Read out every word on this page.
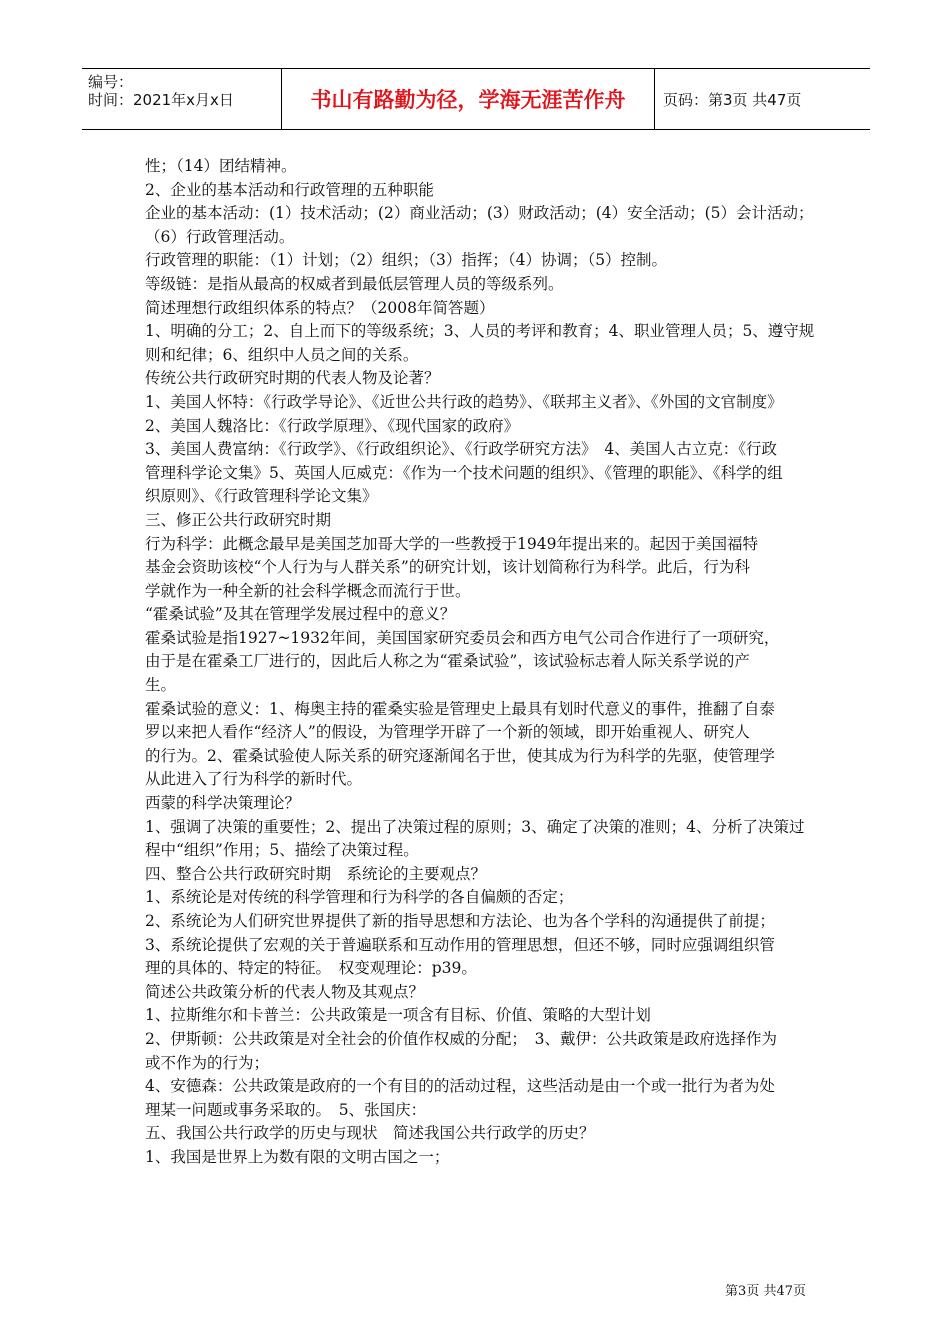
编号：
时间：2021年x月x日	书山有路勤为径，学海无涯苦作舟	页码：第3页 共47页
性；（14）团结精神。
2、企业的基本活动和行政管理的五种职能
企业的基本活动：(1）技术活动；(2）商业活动；(3）财政活动；(4）安全活动；(5）会计活动；
（6）行政管理活动。
行政管理的职能：（1）计划；（2）组织；（3）指挥；（4）协调；（5）控制。
等级链：是指从最高的权威者到最低层管理人员的等级系列。
简述理想行政组织体系的特点？（2008年简答题）
1、明确的分工；2、自上而下的等级系统；3、人员的考评和教育；4、职业管理人员；5、遵守规
则和纪律；6、组织中人员之间的关系。
传统公共行政研究时期的代表人物及论著？
1、美国人怀特：《行政学导论》、《近世公共行政的趋势》、《联邦主义者》、《外国的文官制度》
2、美国人魏洛比：《行政学原理》、《现代国家的政府》
3、美国人费富纳：《行政学》、《行政组织论》、《行政学研究方法》　4、美国人古立克：《行政
管理科学论文集》5、英国人厄威克：《作为一个技术问题的组织》、《管理的职能》、《科学的组
织原则》、《行政管理科学论文集》
三、修正公共行政研究时期
行为科学：此概念最早是美国芝加哥大学的一些教授于1949年提出来的。起因于美国福特
基金会资助该校“个人行为与人群关系”的研究计划，该计划简称行为科学。此后，行为科
学就作为一种全新的社会科学概念而流行于世。
“霍桑试验”及其在管理学发展过程中的意义？
霍桑试验是指1927~1932年间，美国国家研究委员会和西方电气公司合作进行了一项研究，
由于是在霍桑工厂进行的，因此后人称之为“霍桑试验”，该试验标志着人际关系学说的产
生。
霍桑试验的意义：1、梅奥主持的霍桑实验是管理史上最具有划时代意义的事件，推翻了自泰
罗以来把人看作“经济人”的假设，为管理学开辟了一个新的领域，即开始重视人、研究人
的行为。2、霍桑试验使人际关系的研究逐渐闻名于世，使其成为行为科学的先驱，使管理学
从此进入了行为科学的新时代。
西蒙的科学决策理论？
1、强调了决策的重要性；2、提出了决策过程的原则；3、确定了决策的准则；4、分析了决策过
程中“组织”作用；5、描绘了决策过程。
四、整合公共行政研究时期　系统论的主要观点？
1、系统论是对传统的科学管理和行为科学的各自偏颇的否定；
2、系统论为人们研究世界提供了新的指导思想和方法论、也为各个学科的沟通提供了前提；
3、系统论提供了宏观的关于普遍联系和互动作用的管理思想，但还不够，同时应强调组织管
理的具体的、特定的特征。　权变观理论：p39。
简述公共政策分析的代表人物及其观点？
1、拉斯维尔和卡普兰：公共政策是一项含有目标、价值、策略的大型计划
2、伊斯顿：公共政策是对全社会的价值作权威的分配；　3、戴伊：公共政策是政府选择作为
或不作为的行为；
4、安德森：公共政策是政府的一个有目的的活动过程，这些活动是由一个或一批行为者为处
理某一问题或事务采取的。　5、张国庆：
五、我国公共行政学的历史与现状　简述我国公共行政学的历史？
1、我国是世界上为数有限的文明古国之一；
第3页 共47页
